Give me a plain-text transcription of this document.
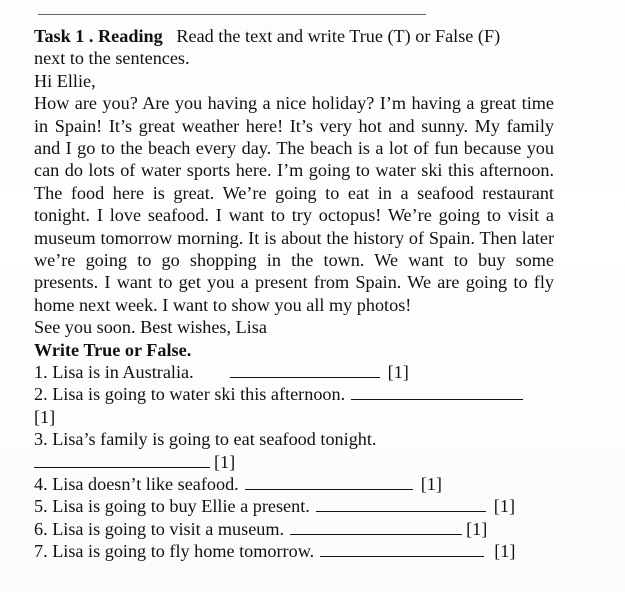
Task 1 . Reading Read the text and write True (T) or False (F)
next to the sentences.
Hi Ellie,
How are you? Are you having a nice holiday? I’m having a great time in Spain! It’s great weather here! It’s very hot and sunny. My family and I go to the beach every day. The beach is a lot of fun because you can do lots of water sports here. I’m going to water ski this afternoon. The food here is great. We’re going to eat in a seafood restaurant tonight. I love seafood. I want to try octopus! We’re going to visit a museum tomorrow morning. It is about the history of Spain. Then later we’re going to go shopping in the town. We want to buy some presents. I want to get you a present from Spain. We are going to fly home next week. I want to show you all my photos!
See you soon. Best wishes, Lisa
Write True or False.
1. Lisa is in Australia.	[1]
2. Lisa is going to water ski this afternoon.
[1]
3. Lisa’s family is going to eat seafood tonight.
[1]
4. Lisa doesn’t like seafood.	[1]
5. Lisa is going to buy Ellie a present.	[1]
6. Lisa is going to visit a museum.	[1]
7. Lisa is going to fly home tomorrow.	[1]
